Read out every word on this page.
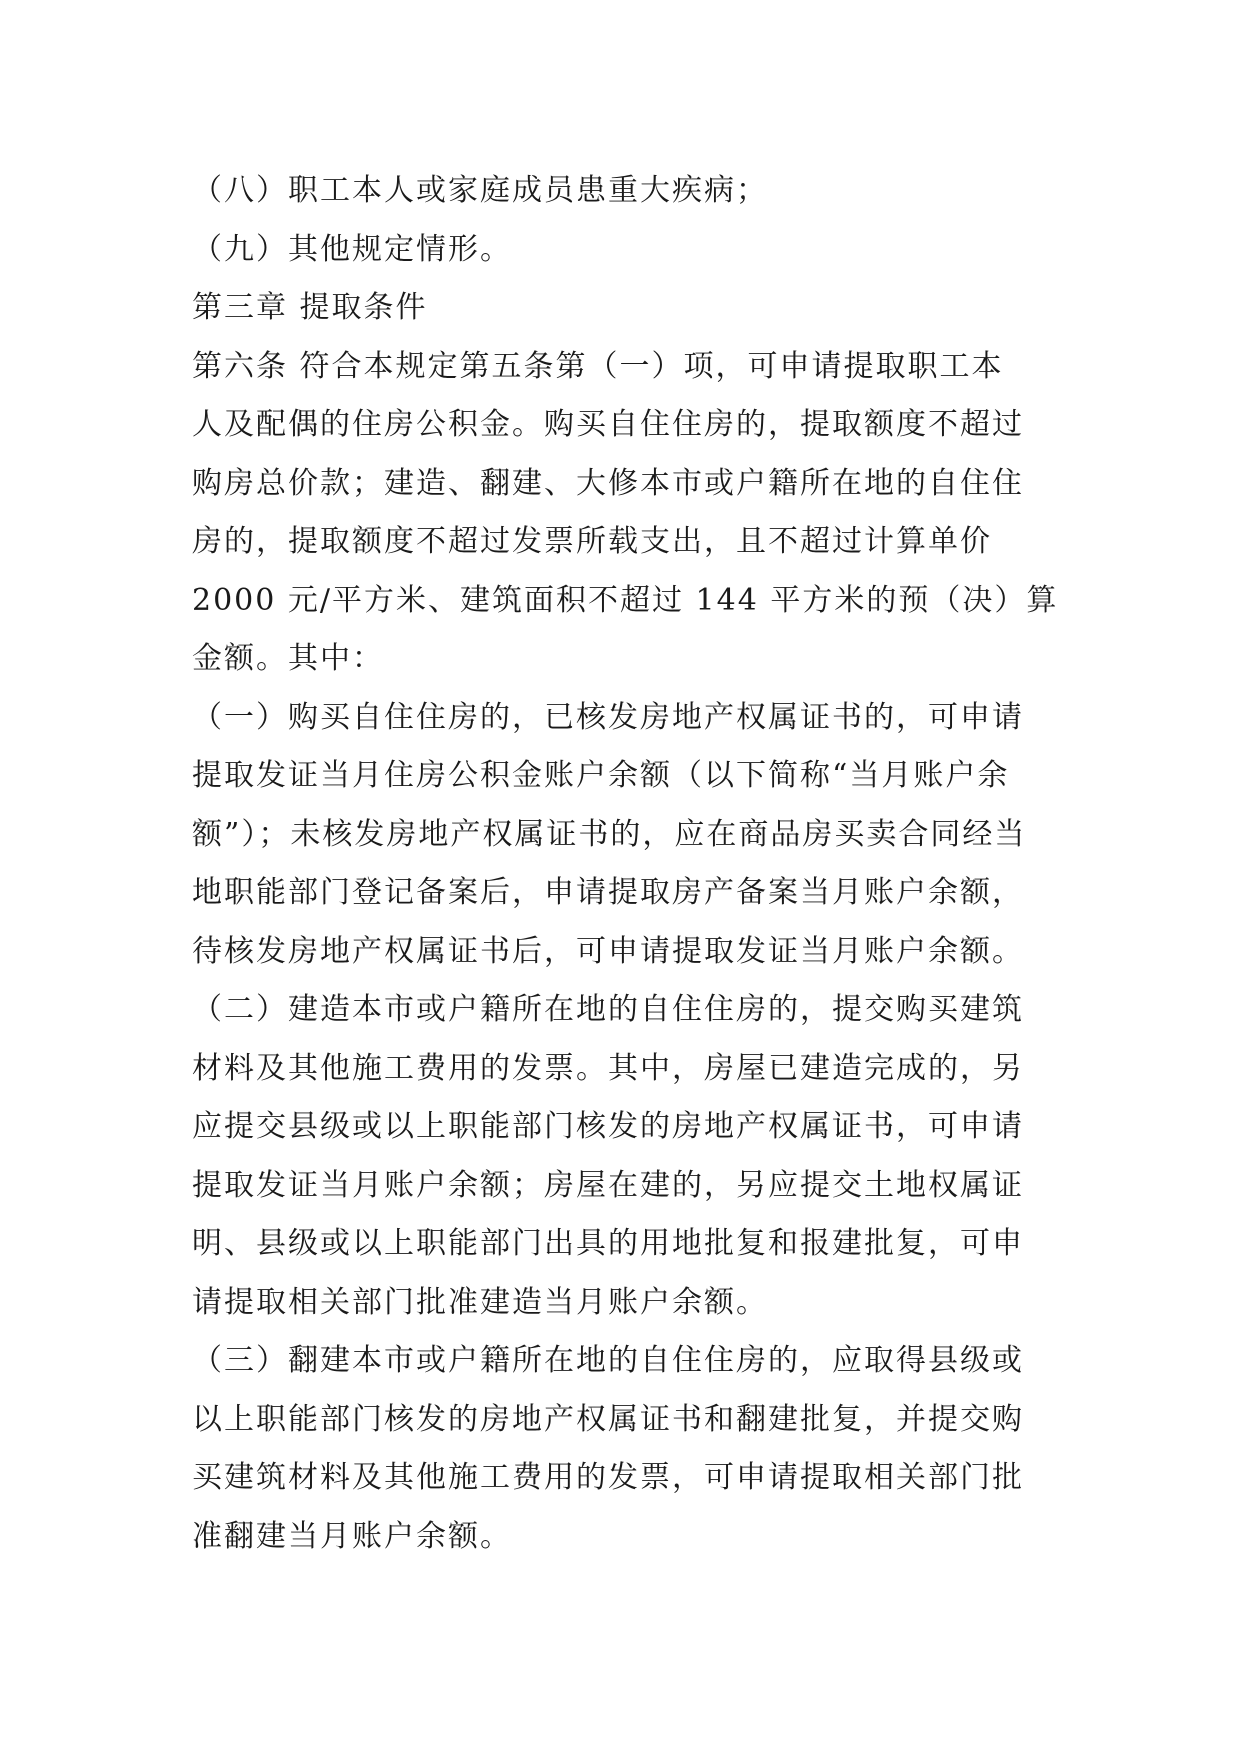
（八）职工本人或家庭成员患重大疾病；
（九）其他规定情形。
第三章 提取条件
第六条 符合本规定第五条第（一）项，可申请提取职工本
人及配偶的住房公积金。购买自住住房的，提取额度不超过
购房总价款；建造、翻建、大修本市或户籍所在地的自住住
房的，提取额度不超过发票所载支出，且不超过计算单价
2000 元/平方米、建筑面积不超过 144 平方米的预（决）算
金额。其中：
（一）购买自住住房的，已核发房地产权属证书的，可申请
提取发证当月住房公积金账户余额（以下简称“当月账户余
额”）；未核发房地产权属证书的，应在商品房买卖合同经当
地职能部门登记备案后，申请提取房产备案当月账户余额，
待核发房地产权属证书后，可申请提取发证当月账户余额。
（二）建造本市或户籍所在地的自住住房的，提交购买建筑
材料及其他施工费用的发票。其中，房屋已建造完成的，另
应提交县级或以上职能部门核发的房地产权属证书，可申请
提取发证当月账户余额；房屋在建的，另应提交土地权属证
明、县级或以上职能部门出具的用地批复和报建批复，可申
请提取相关部门批准建造当月账户余额。
（三）翻建本市或户籍所在地的自住住房的，应取得县级或
以上职能部门核发的房地产权属证书和翻建批复，并提交购
买建筑材料及其他施工费用的发票，可申请提取相关部门批
准翻建当月账户余额。
